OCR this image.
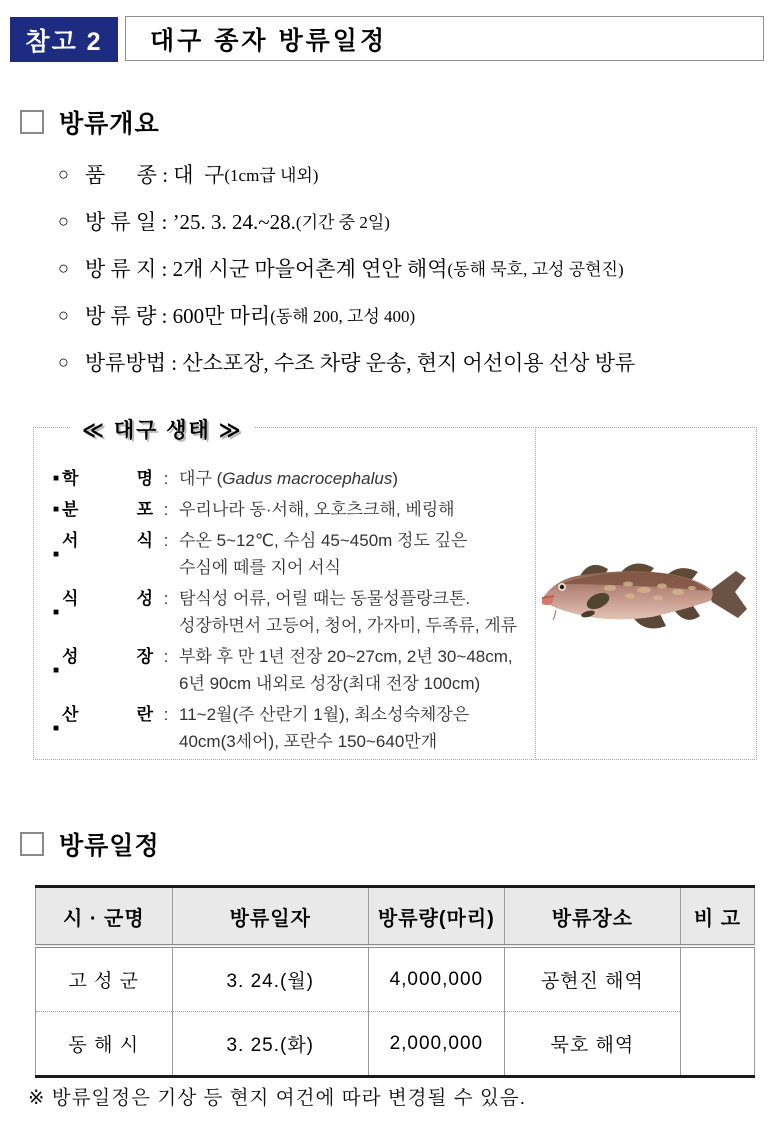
참고 2	대구 종자 방류일정
방류개요
○ 품      종 : 대  구 (1cm급 내외)
○ 방 류 일 : ’25. 3. 24.~28. (기간 중 2일)
○ 방 류 지 : 2개 시군 마을어촌계 연안 해역 (동해 묵호, 고성 공현진)
○ 방 류 량 : 600만 마리 (동해 200, 고성 400)
○ 방류방법 : 산소포장, 수조 차량 운송, 현지 어선이용 선상 방류
≪ 대구 생태 ≫
■ 학	명 : 대구 (Gadus macrocephalus)
■ 분	포 : 우리나라 동·서해, 오호츠크해, 베링해
■
서	식 : 수온 5~12℃, 수심 45~450m 정도 깊은
수심에 떼를 지어 서식
■
식	성 : 탐식성 어류, 어릴 때는 동물성플랑크톤.
성장하면서 고등어, 청어, 가자미, 두족류, 게류
■
성	장 : 부화 후 만 1년 전장 20~27cm, 2년 30~48cm,
6년 90cm 내외로 성장(최대 전장 100cm)
■
산	란 : 11~2월(주 산란기 1월), 최소성숙체장은
40cm(3세어), 포란수 150~640만개
방류일정
시 · 군명	방류일자	방류량(마리)	방류장소	비 고
고 성 군	3. 24.(월)	4,000,000	공현진 해역	
동 해 시	3. 25.(화)	2,000,000	묵호 해역	
※ 방류일정은 기상 등 현지 여건에 따라 변경될 수 있음.
